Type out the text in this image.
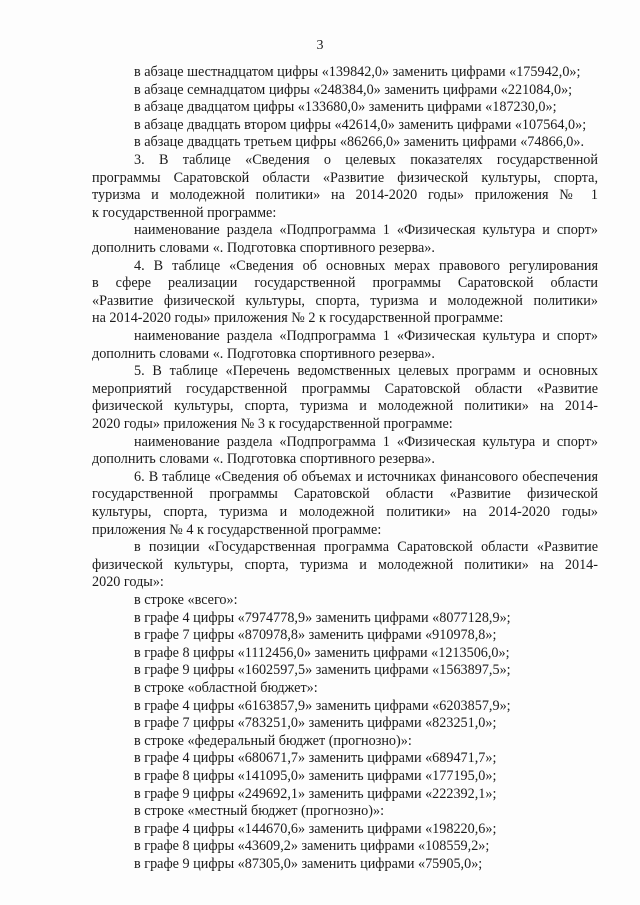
3
в абзаце шестнадцатом цифры «139842,0» заменить цифрами «175942,0»;
в абзаце семнадцатом цифры «248384,0» заменить цифрами «221084,0»;
в абзаце двадцатом цифры «133680,0» заменить цифрами «187230,0»;
в абзаце двадцать втором цифры «42614,0» заменить цифрами «107564,0»;
в абзаце двадцать третьем цифры «86266,0» заменить цифрами «74866,0».
3. В таблице «Сведения о целевых показателях государственной
программы Саратовской области «Развитие физической культуры, спорта,
туризма и молодежной политики» на 2014-2020 годы» приложения № 1
к государственной программе:
наименование раздела «Подпрограмма 1 «Физическая культура и спорт»
дополнить словами «. Подготовка спортивного резерва».
4. В таблице «Сведения об основных мерах правового регулирования
в сфере реализации государственной программы Саратовской области
«Развитие физической культуры, спорта, туризма и молодежной политики»
на 2014-2020 годы» приложения № 2 к государственной программе:
наименование раздела «Подпрограмма 1 «Физическая культура и спорт»
дополнить словами «. Подготовка спортивного резерва».
5. В таблице «Перечень ведомственных целевых программ и основных
мероприятий государственной программы Саратовской области «Развитие
физической культуры, спорта, туризма и молодежной политики» на 2014-
2020 годы» приложения № 3 к государственной программе:
наименование раздела «Подпрограмма 1 «Физическая культура и спорт»
дополнить словами «. Подготовка спортивного резерва».
6. В таблице «Сведения об объемах и источниках финансового обеспечения
государственной программы Саратовской области «Развитие физической
культуры, спорта, туризма и молодежной политики» на 2014-2020 годы»
приложения № 4 к государственной программе:
в позиции «Государственная программа Саратовской области «Развитие
физической культуры, спорта, туризма и молодежной политики» на 2014-
2020 годы»:
в строке «всего»:
в графе 4 цифры «7974778,9» заменить цифрами «8077128,9»;
в графе 7 цифры «870978,8» заменить цифрами «910978,8»;
в графе 8 цифры «1112456,0» заменить цифрами «1213506,0»;
в графе 9 цифры «1602597,5» заменить цифрами «1563897,5»;
в строке «областной бюджет»:
в графе 4 цифры «6163857,9» заменить цифрами «6203857,9»;
в графе 7 цифры «783251,0» заменить цифрами «823251,0»;
в строке «федеральный бюджет (прогнозно)»:
в графе 4 цифры «680671,7» заменить цифрами «689471,7»;
в графе 8 цифры «141095,0» заменить цифрами «177195,0»;
в графе 9 цифры «249692,1» заменить цифрами «222392,1»;
в строке «местный бюджет (прогнозно)»:
в графе 4 цифры «144670,6» заменить цифрами «198220,6»;
в графе 8 цифры «43609,2» заменить цифрами «108559,2»;
в графе 9 цифры «87305,0» заменить цифрами «75905,0»;
